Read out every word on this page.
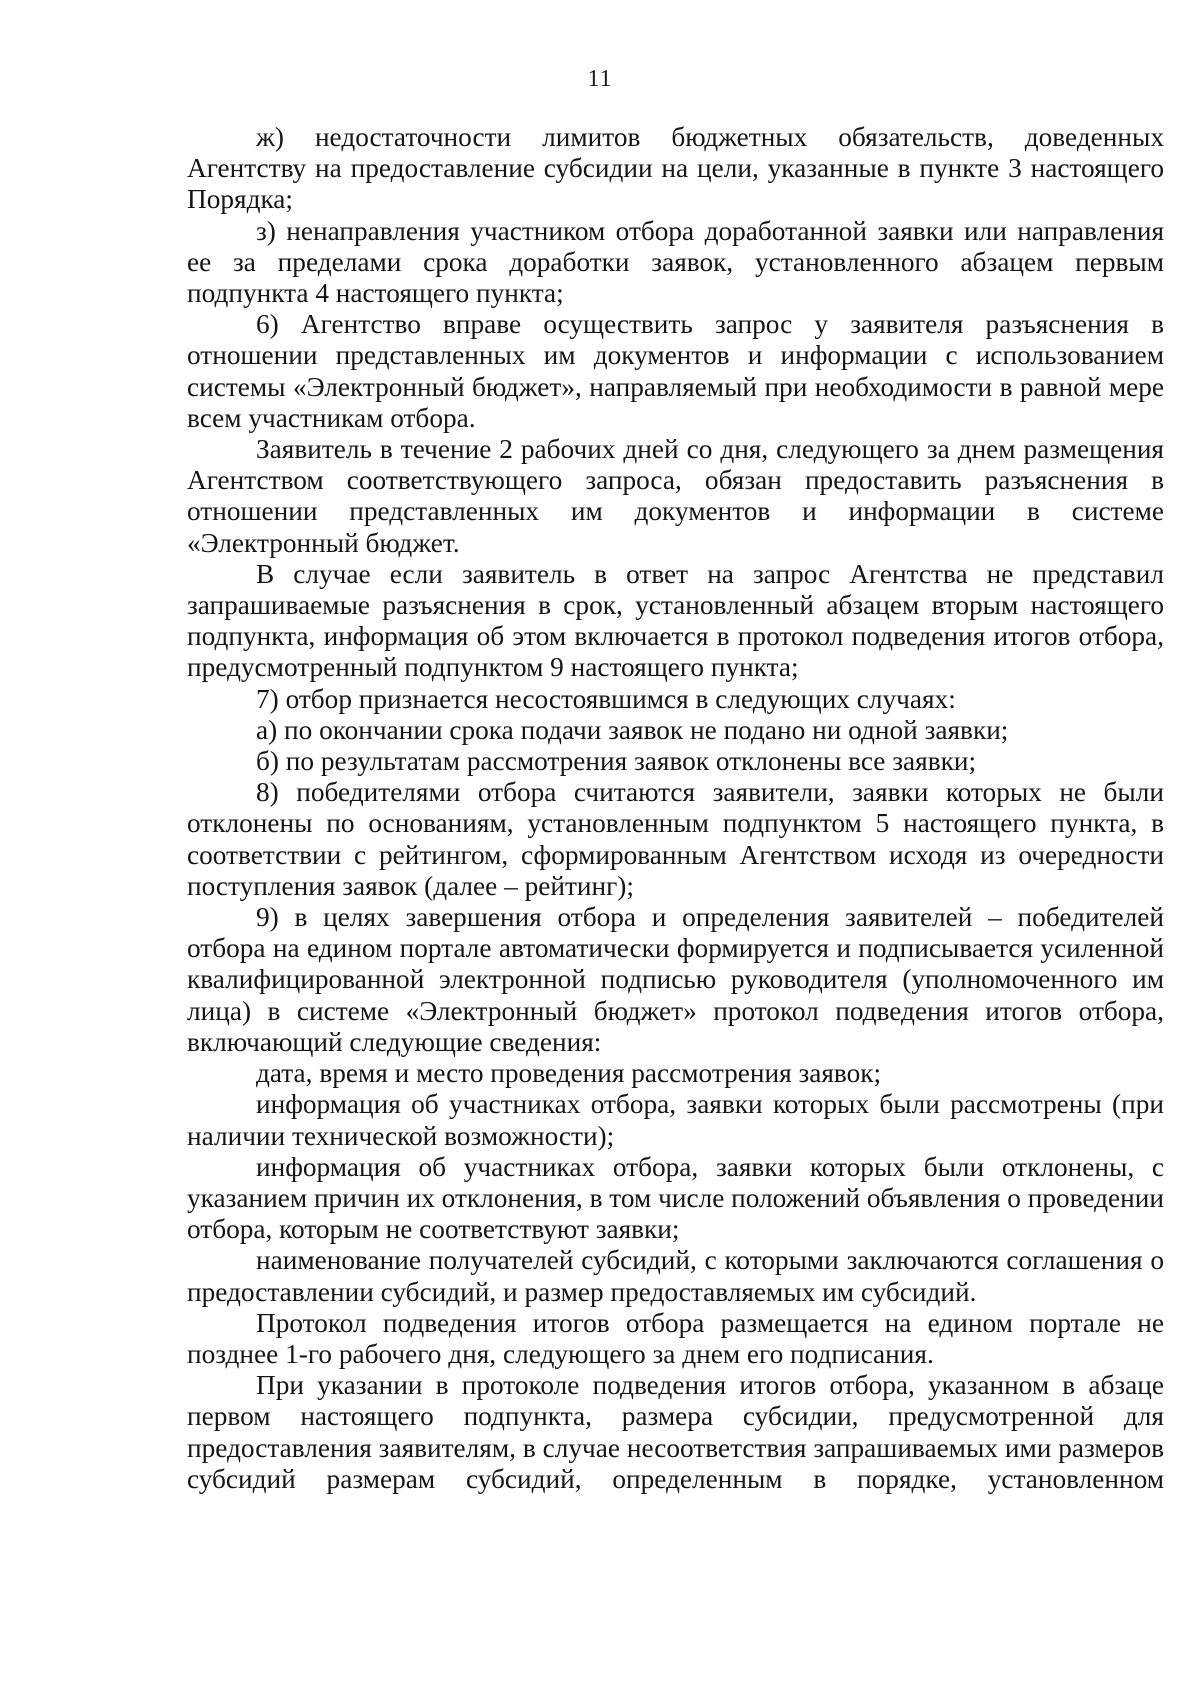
11

ж) недостаточности лимитов бюджетных обязательств, доведенных Агентству на предоставление субсидии на цели, указанные в пункте 3 настоящего Порядка;

з) ненаправления участником отбора доработанной заявки или направления ее за пределами срока доработки заявок, установленного абзацем первым подпункта 4 настоящего пункта;

6) Агентство вправе осуществить запрос у заявителя разъяснения в отношении представленных им документов и информации с использованием системы «Электронный бюджет», направляемый при необходимости в равной мере всем участникам отбора.

Заявитель в течение 2 рабочих дней со дня, следующего за днем размещения Агентством соответствующего запроса, обязан предоставить разъяснения в отношении представленных им документов и информации в системе «Электронный бюджет.

В случае если заявитель в ответ на запрос Агентства не представил запрашиваемые разъяснения в срок, установленный абзацем вторым настоящего подпункта, информация об этом включается в протокол подведения итогов отбора, предусмотренный подпунктом 9 настоящего пункта;

7) отбор признается несостоявшимся в следующих случаях:

а) по окончании срока подачи заявок не подано ни одной заявки;

б) по результатам рассмотрения заявок отклонены все заявки;

8) победителями отбора считаются заявители, заявки которых не были отклонены по основаниям, установленным подпунктом 5 настоящего пункта, в соответствии с рейтингом, сформированным Агентством исходя из очередности поступления заявок (далее – рейтинг);

9) в целях завершения отбора и определения заявителей – победителей отбора на едином портале автоматически формируется и подписывается усиленной квалифицированной электронной подписью руководителя (уполномоченного им лица) в системе «Электронный бюджет» протокол подведения итогов отбора, включающий следующие сведения:

дата, время и место проведения рассмотрения заявок;

информация об участниках отбора, заявки которых были рассмотрены (при наличии технической возможности);

информация об участниках отбора, заявки которых были отклонены, с указанием причин их отклонения, в том числе положений объявления о проведении отбора, которым не соответствуют заявки;

наименование получателей субсидий, с которыми заключаются соглашения о предоставлении субсидий, и размер предоставляемых им субсидий.

Протокол подведения итогов отбора размещается на едином портале не позднее 1-го рабочего дня, следующего за днем его подписания.

При указании в протоколе подведения итогов отбора, указанном в абзаце первом настоящего подпункта, размера субсидии, предусмотренной для предоставления заявителям, в случае несоответствия запрашиваемых ими размеров субсидий размерам субсидий, определенным в порядке, установленном
